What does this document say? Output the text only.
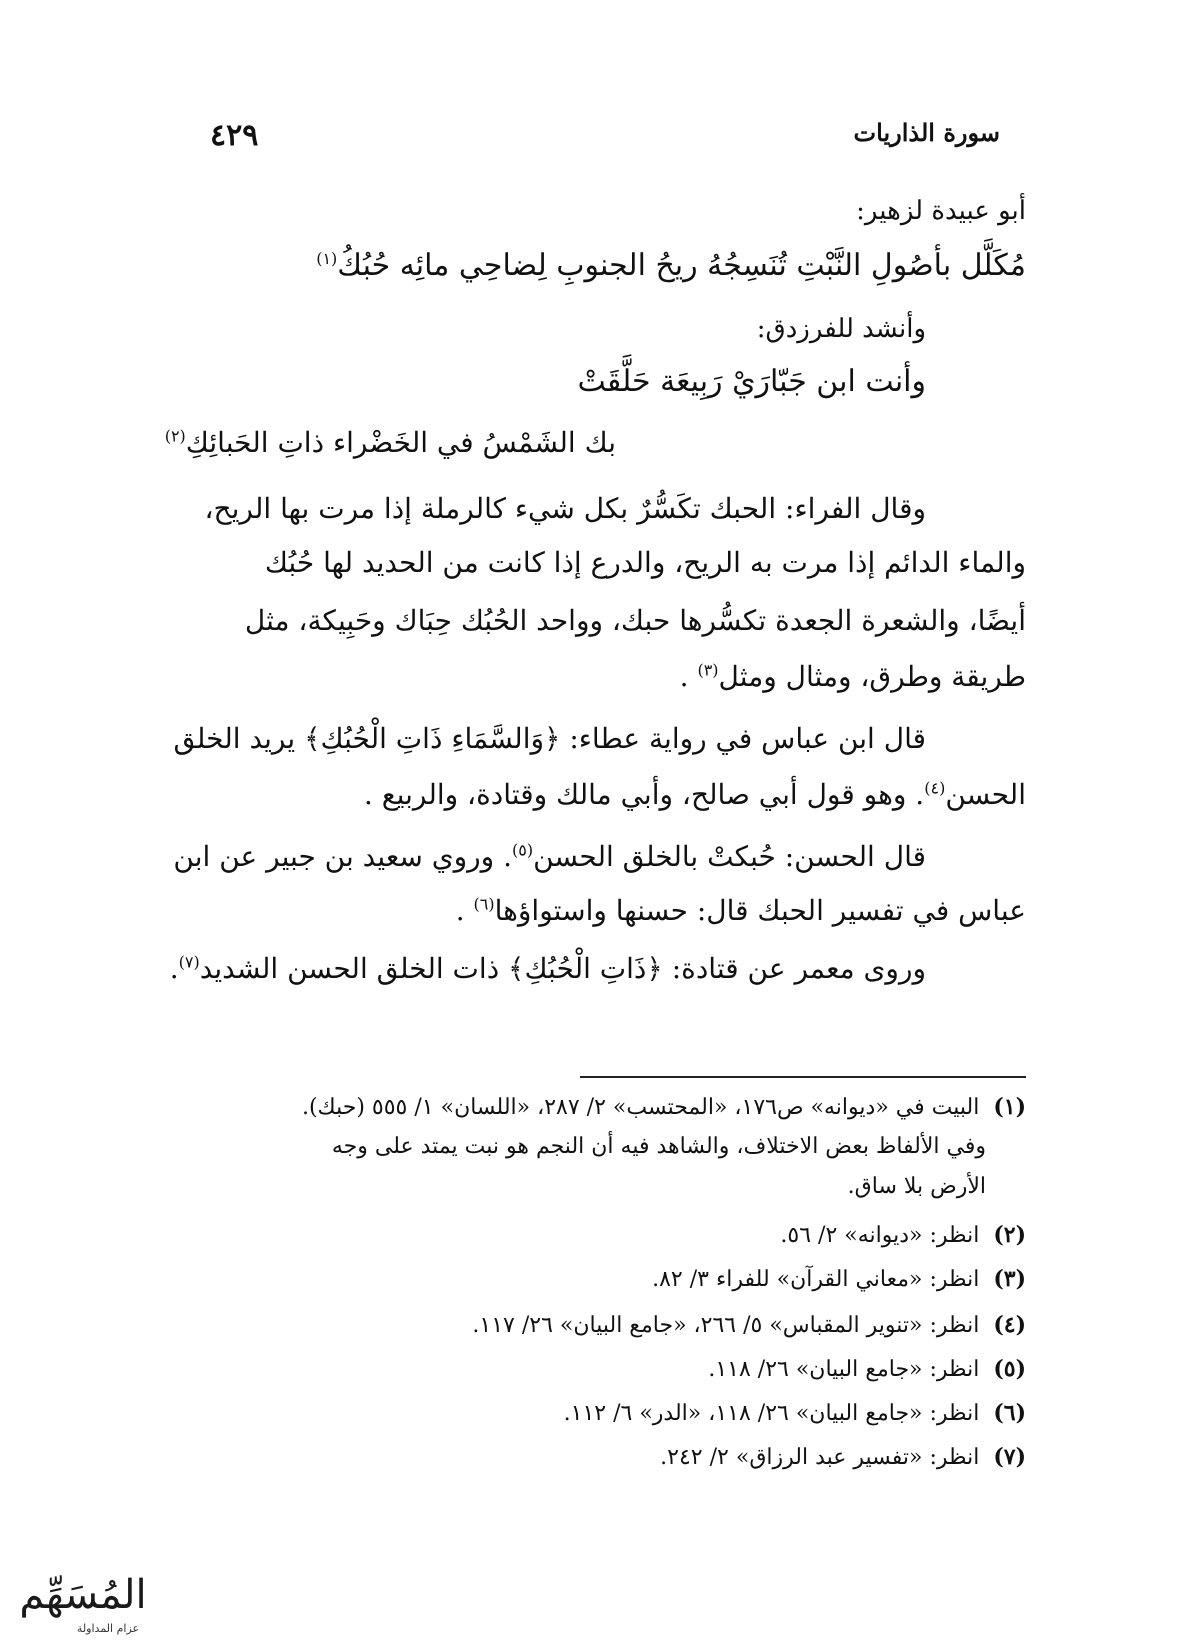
٤٢٩	سورة الذاريات
أبو عبيدة لزهير:
مُكَلَّل بأصُولِ النَّبْتِ تُنَسِجُهُ ريحُ الجنوبِ لِضاحِي مائِه حُبُكُ$^{(١)}$
وأنشد للفرزدق:
وأنت ابن جَبّارَيْ رَبِيعَة حَلَّقَتْ
بك الشَمْسُ في الخَضْراء ذاتِ الحَبائِكِ$^{(٢)}$
وقال الفراء: الحبك تكَسُّرٌ بكل شيء كالرملة إذا مرت بها الريح،
والماء الدائم إذا مرت به الريح، والدرع إذا كانت من الحديد لها حُبُك
أيضًا، والشعرة الجعدة تكسُّرها حبك، وواحد الحُبُك حِبَاك وحَبِيكة، مثل
طريقة وطرق، ومثال ومثل$^{(٣)}$ .
قال ابن عباس في رواية عطاء: ﴿وَالسَّمَاءِ ذَاتِ الْحُبُكِ﴾ يريد الخلق
الحسن$^{(٤)}$. وهو قول أبي صالح، وأبي مالك وقتادة، والربيع .
قال الحسن: حُبكتْ بالخلق الحسن$^{(٥)}$. وروي سعيد بن جبير عن ابن
عباس في تفسير الحبك قال: حسنها واستواؤها$^{(٦)}$ .
وروى معمر عن قتادة: ﴿ذَاتِ الْحُبُكِ﴾ ذات الخلق الحسن الشديد$^{(٧)}$.
(١)البيت في «ديوانه» ص١٧٦، «المحتسب» ٢/ ٢٨٧، «اللسان» ١/ ٥٥٥ (حبك).
وفي الألفاظ بعض الاختلاف، والشاهد فيه أن النجم هو نبت يمتد على وجه
الأرض بلا ساق.
(٢)انظر: «ديوانه» ٢/ ٥٦.
(٣)انظر: «معاني القرآن» للفراء ٣/ ٨٢.
(٤)انظر: «تنوير المقباس» ٥/ ٢٦٦، «جامع البيان» ٢٦/ ١١٧.
(٥)انظر: «جامع البيان» ٢٦/ ١١٨.
(٦)انظر: «جامع البيان» ٢٦/ ١١٨، «الدر» ٦/ ١١٢.
(٧)انظر: «تفسير عبد الرزاق» ٢/ ٢٤٢.
المُسَهِّم
عزام المداولة
